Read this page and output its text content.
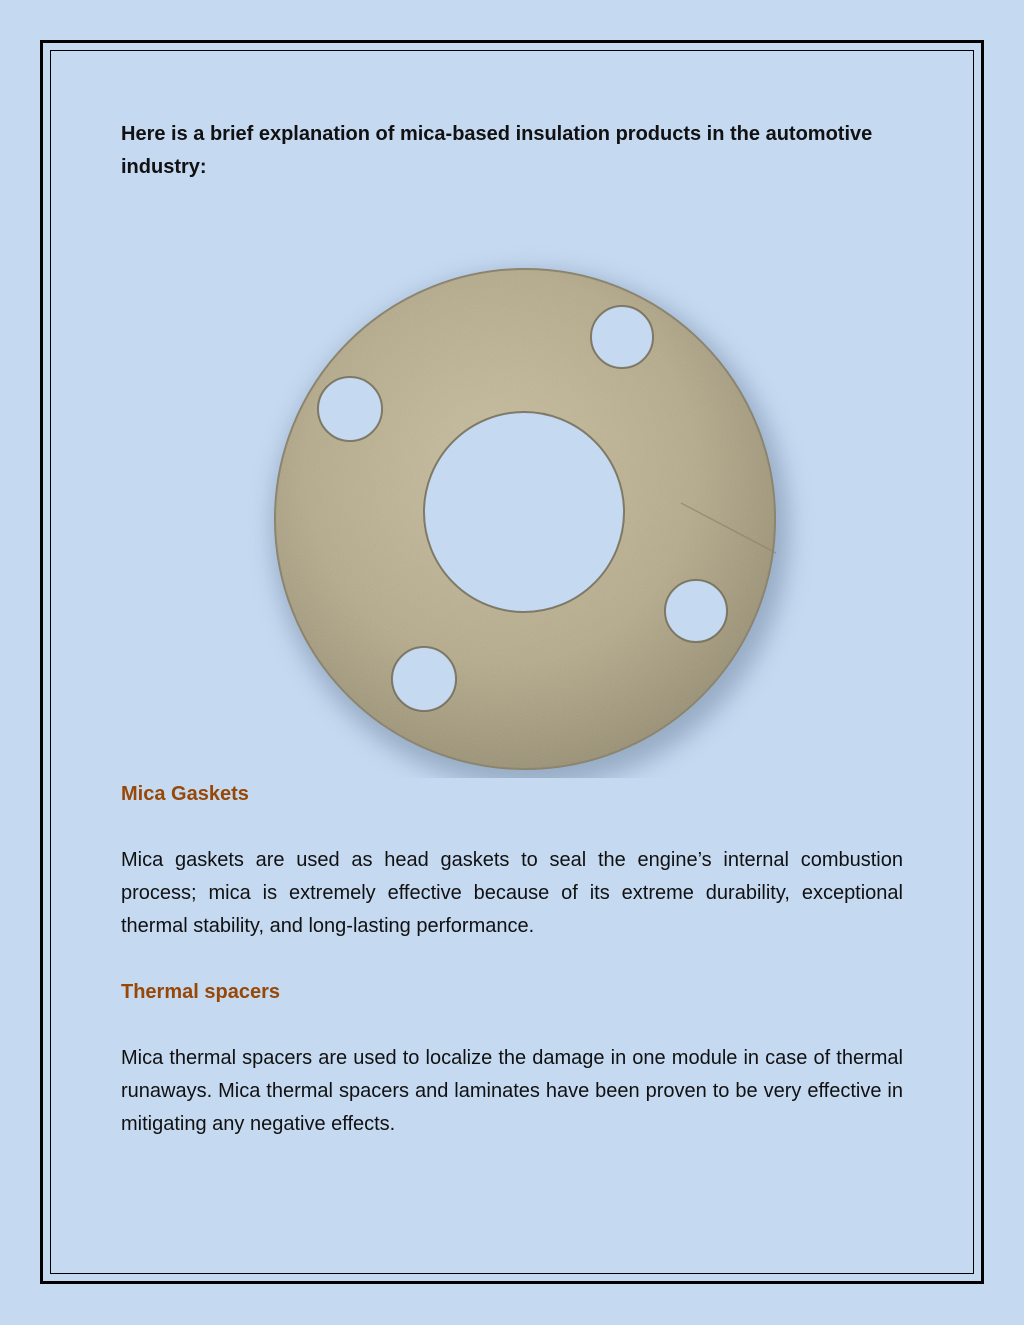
Here is a brief explanation of mica-based insulation products in the automotive industry:

Mica Gaskets

Mica gaskets are used as head gaskets to seal the engine’s internal combustion process; mica is extremely effective because of its extreme durability, exceptional thermal stability, and long-lasting performance.

Thermal spacers

Mica thermal spacers are used to localize the damage in one module in case of thermal runaways. Mica thermal spacers and laminates have been proven to be very effective in mitigating any negative effects.
